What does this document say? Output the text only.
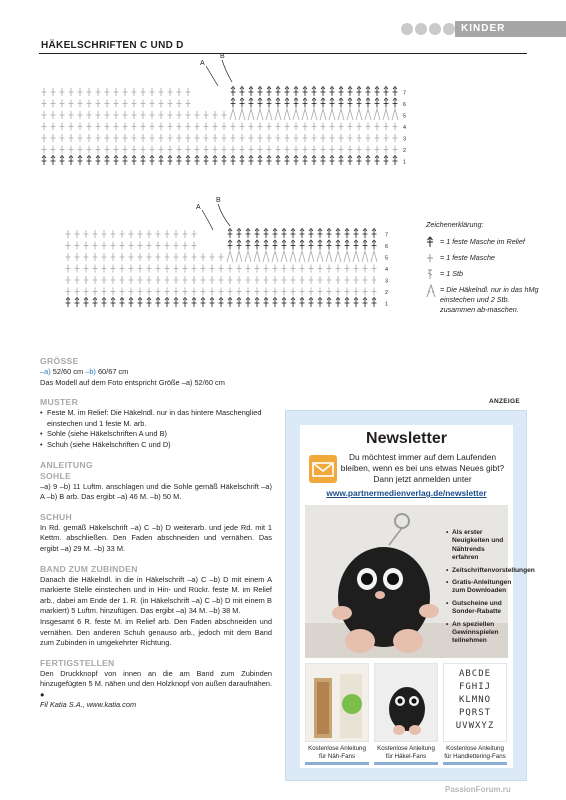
KINDER
HÄKELSCHRIFTEN C UND D
A
B
1
2
3
4
5
6
7
A
B
1
2
3
4
5
6
7
Zeichenerklärung:
= 1 feste Masche im Relief
= 1 feste Masche
= 1 Stb
= Die Häkelndl. nur in das hMg einstechen und 2 Stb. zusammen ab-maschen.
GRÖSSE
–a) 52/60 cm –b) 60/67 cm
Das Modell auf dem Foto entspricht Größe –a) 52/60 cm
MUSTER
• Feste M. im Relief: Die Häkelndl. nur in das hintere Maschenglied einstechen und 1 feste M. arb.
• Sohle (siehe Häkelschriften A und B)
• Schuh (siehe Häkelschriften C und D)
ANLEITUNG
SOHLE
–a) 9 –b) 11 Luftm. anschlagen und die Sohle gemäß Häkelschrift –a) A –b) B arb. Das ergibt –a) 46 M. –b) 50 M.
SCHUH
In Rd. gemäß Häkelschrift –a) C –b) D weiterarb. und jede Rd. mit 1 Kettm. abschließen. Den Faden abschneiden und vernähen. Das ergibt –a) 29 M. –b) 33 M.
BAND ZUM ZUBINDEN
Danach die Häkelndl. in die in Häkelschrift –a) C –b) D mit einem A markierte Stelle einstechen und in Hin- und Rückr. feste M. im Relief arb., dabei am Ende der 1. R. (in Häkelschrift –a) C –b) D mit einem B markiert) 5 Luftm. hinzufügen. Das ergibt –a) 34 M. –b) 38 M.
Insgesamt 6 R. feste M. im Relief arb. Den Faden abschneiden und vernähen. Den anderen Schuh genauso arb., jedoch mit dem Band zum Zubinden in umgekehrter Richtung.
FERTIGSTELLEN
Den Druckknopf von innen an die am Band zum Zubinden hinzugefügten 5 M. nähen und den Holzknopf von außen daraufnähen. ●
Fil Katia S.A., www.katia.com
ANZEIGE
Newsletter
Du möchtest immer auf dem Laufenden bleiben, wenn es bei uns etwas Neues gibt? Dann jetzt anmelden unter
www.partnermedienverlag.de/newsletter
• Als erster Neuigkeiten und Nähtrends erfahren
• Zeitschriftenvorstellungen
• Gratis-Anleitungen zum Downloaden
• Gutscheine und Sonder-Rabatte
• An speziellen Gewinnspielen teilnehmen
Kostenlose Anleitung für Näh-Fans
Kostenlose Anleitung für Häkel-Fans
ABCDE
FGHIJ
KLMNO
PQRST
UVWXYZ
Kostenlose Anleitung für Handlettering-Fans
PassionForum.ru
